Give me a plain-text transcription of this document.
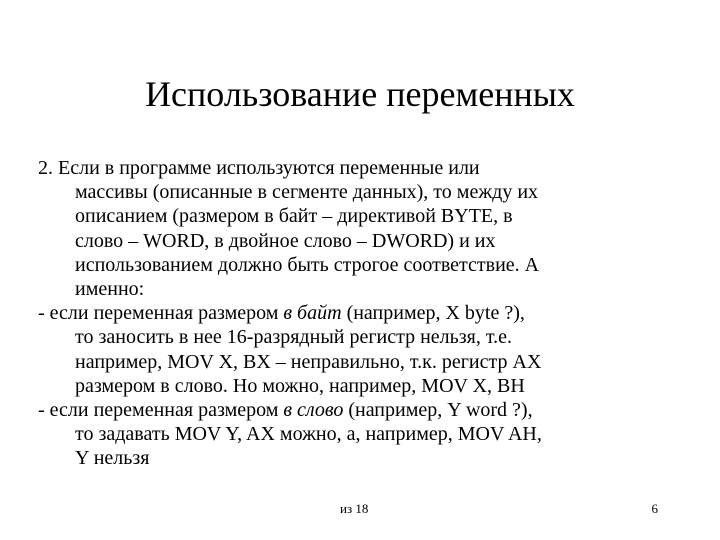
Использование переменных

2. Если в программе используются переменные или
массивы (описанные в сегменте данных), то между их
описанием (размером в байт – директивой BYTE, в
слово – WORD, в двойное слово – DWORD) и их
использованием должно быть строгое соответствие. А
именно:

- если переменная размером в байт (например, X byte ?),
то заносить в нее 16-разрядный регистр нельзя, т.е.
например, MOV X, BX – неправильно, т.к. регистр AX
размером в слово. Но можно, например, MOV X, BH

- если переменная размером в слово (например, Y word ?),
то задавать MOV Y, AX можно, а, например, MOV AH,
Y нельзя

из 18	6
